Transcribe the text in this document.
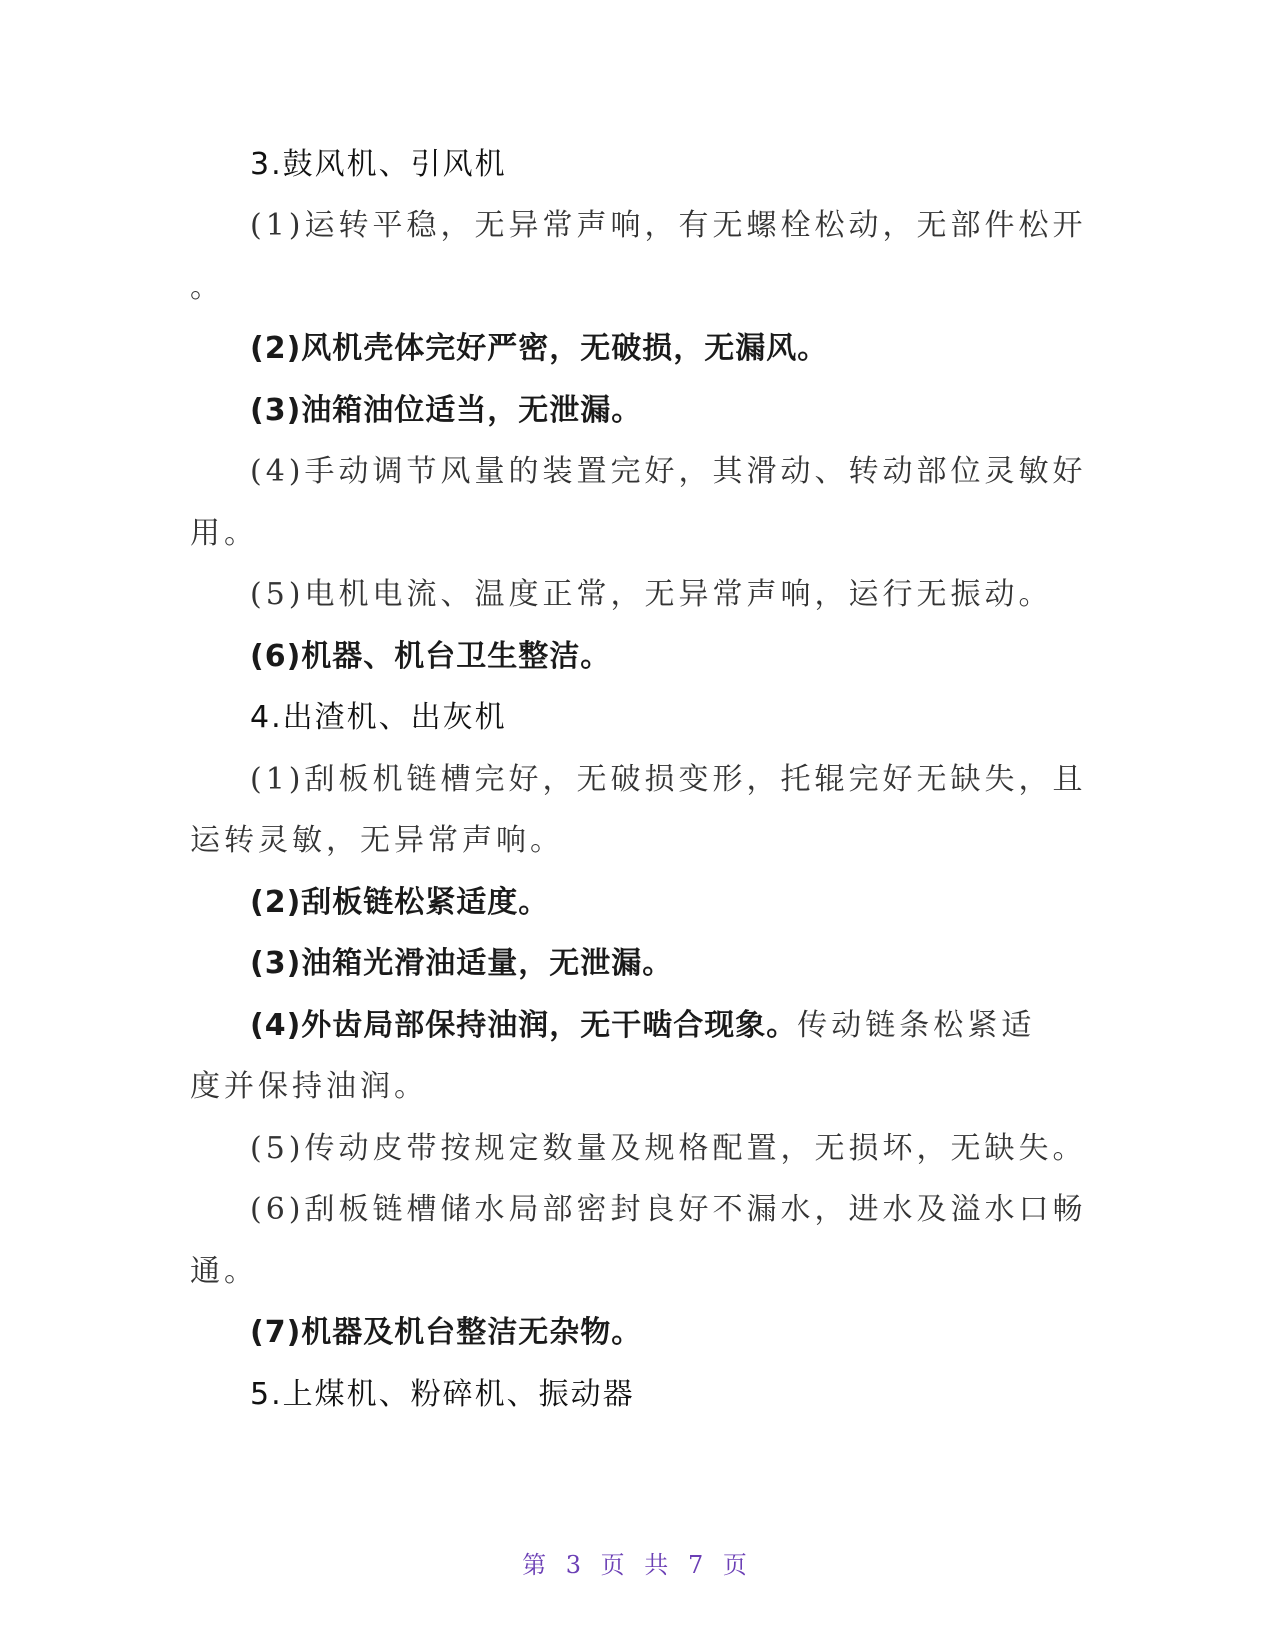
3.鼓风机、引风机
(1)运转平稳，无异常声响，有无螺栓松动，无部件松开
。
(2)风机壳体完好严密，无破损，无漏风。
(3)油箱油位适当，无泄漏。
(4)手动调节风量的装置完好，其滑动、转动部位灵敏好
用。
(5)电机电流、温度正常，无异常声响，运行无振动。
(6)机器、机台卫生整洁。
4.出渣机、出灰机
(1)刮板机链槽完好，无破损变形，托辊完好无缺失，且
运转灵敏，无异常声响。
(2)刮板链松紧适度。
(3)油箱光滑油适量，无泄漏。
(4)外齿局部保持油润，无干啮合现象。传动链条松紧适
度并保持油润。
(5)传动皮带按规定数量及规格配置，无损坏，无缺失。
(6)刮板链槽储水局部密封良好不漏水，进水及溢水口畅
通。
(7)机器及机台整洁无杂物。
5.上煤机、粉碎机、振动器
第 3 页 共 7 页
